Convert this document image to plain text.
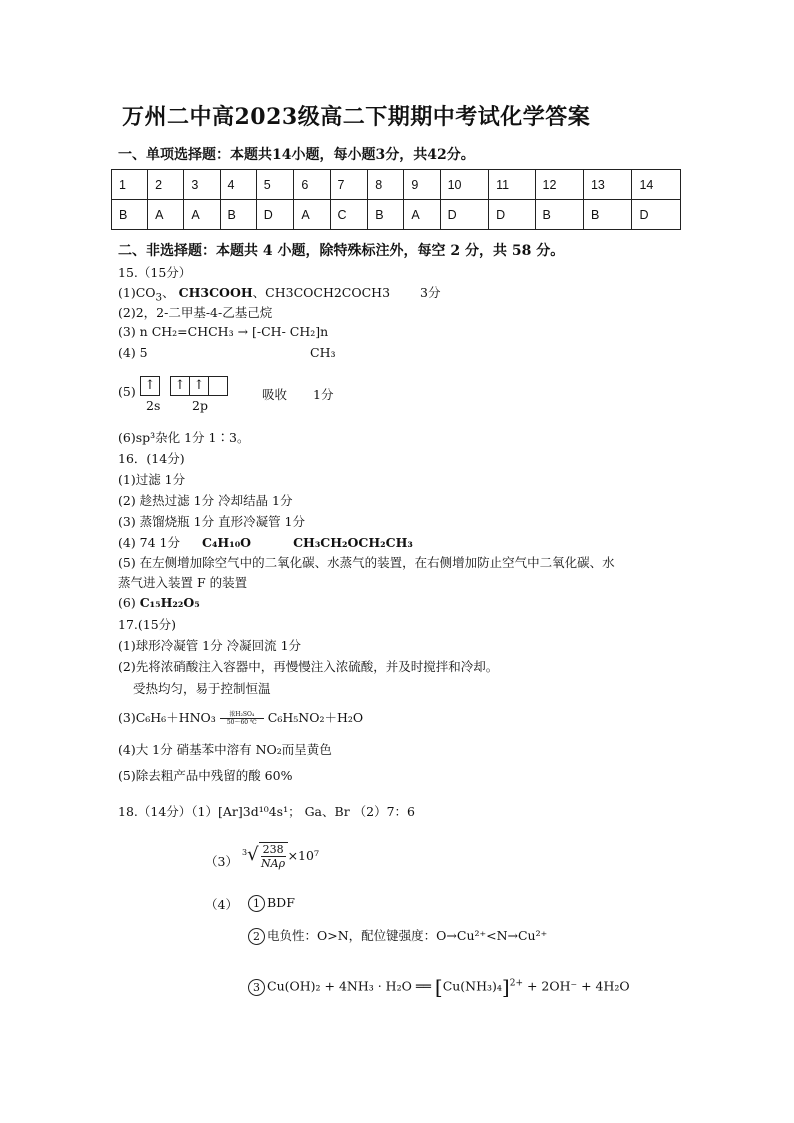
万州二中高2023级高二下期期中考试化学答案
一、单项选择题：本题共14小题，每小题3分，共42分。
1	2	3	4	5	6	7	8	9	10	11	12	13	14
B	A	A	B	D	A	C	B	A	D	D	B	B	D
二、非选择题：本题共 4 小题，除特殊标注外，每空 2 分，共 58 分。
15.（15分）
$(1)CO_3$、 CH3COOH、CH3COCH2COCH3 3分
(2)2，2-二甲基-4-乙基己烷
(3) n CH₂=CHCH₃ → [-CH- CH₂]n
(4) 5	CH₃
(5) ↑
2s
↑ ↑
2p
吸收 1分
(6)sp³杂化 1分 1∶3。
16．(14分)
(1)过滤 1分
(2) 趁热过滤 1分 冷却结晶 1分
(3) 蒸馏烧瓶 1分 直形冷凝管 1分
(4) 74 1分 C₄H₁₀O	CH₃CH₂OCH₂CH₃
(5) 在左侧增加除空气中的二氧化碳、水蒸气的装置，在右侧增加防止空气中二氧化碳、水
蒸气进入装置 F 的装置
(6) C₁₅H₂₂O₅
17.(15分)
(1)球形冷凝管 1分 冷凝回流 1分
(2)先将浓硝酸注入容器中，再慢慢注入浓硫酸，并及时搅拌和冷却。
受热均匀，易于控制恒温
(3)C₆H₆＋HNO₃ 浓H₂SO₄
50～60 ℃ C₆H₅NO₂＋H₂O
(4)大 1分 硝基苯中溶有 NO₂而呈黄色
(5)除去粗产品中残留的酸 60%
18.（14分）（1）[Ar]3d¹⁰4s¹； Ga、Br （2）7：6
（3）
$^3√ \frac{238}{\text{NAρ}} \times 10^7$
（4）	1 BDF
2 电负性：O>N，配位键强度：O→Cu²⁺<N→Cu²⁺
3 Cu(OH)₂ + 4NH₃ · H₂O ══ $[Cu(NH_3)_4]^{2+} + 2OH^- + 4H_2O$
